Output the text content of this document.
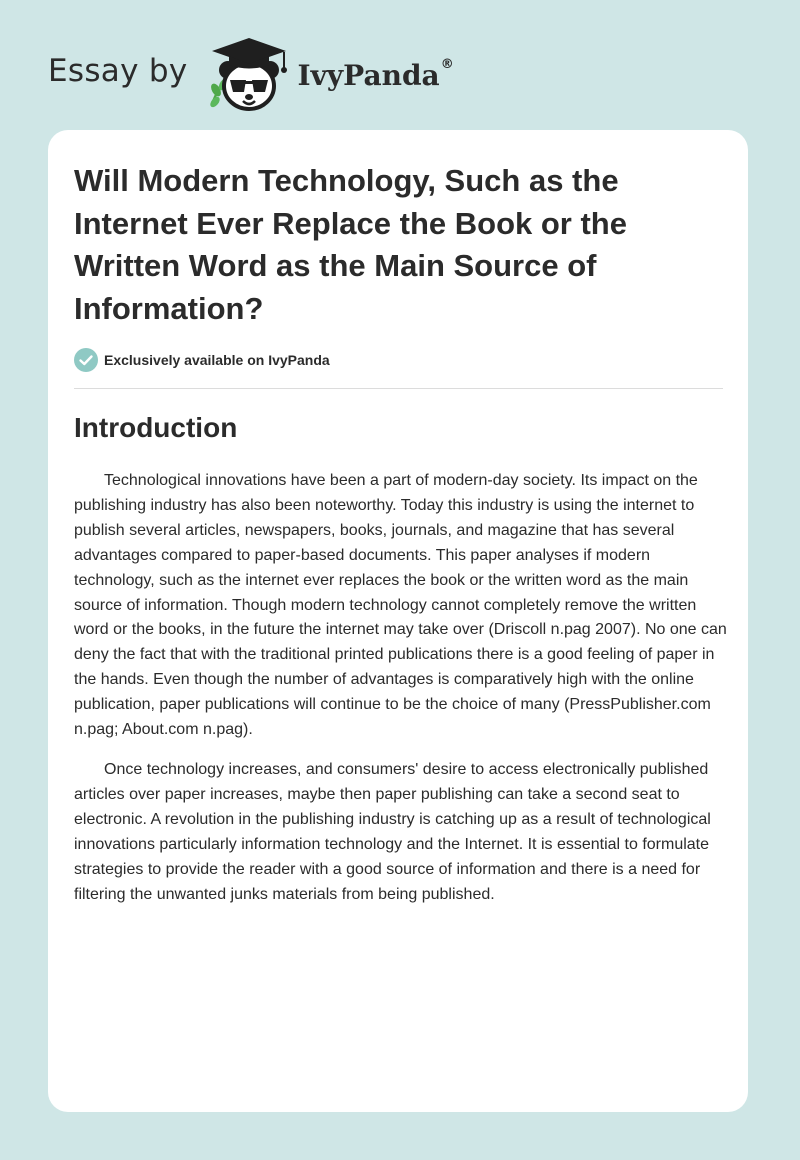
Essay by	IvyPanda®
Will Modern Technology, Such as the Internet Ever Replace the Book or the Written Word as the Main Source of Information?
Exclusively available on IvyPanda
Introduction

Technological innovations have been a part of modern-day society. Its impact on the publishing industry has also been noteworthy. Today this industry is using the internet to publish several articles, newspapers, books, journals, and magazine that has several advantages compared to paper-based documents. This paper analyses if modern technology, such as the internet ever replaces the book or the written word as the main source of information. Though modern technology cannot completely remove the written word or the books, in the future the internet may take over (Driscoll n.pag 2007). No one can deny the fact that with the traditional printed publications there is a good feeling of paper in the hands. Even though the number of advantages is comparatively high with the online publication, paper publications will continue to be the choice of many (PressPublisher.com n.pag; About.com n.pag).

Once technology increases, and consumers' desire to access electronically published articles over paper increases, maybe then paper publishing can take a second seat to electronic. A revolution in the publishing industry is catching up as a result of technological innovations particularly information technology and the Internet. It is essential to formulate strategies to provide the reader with a good source of information and there is a need for filtering the unwanted junks materials from being published.
